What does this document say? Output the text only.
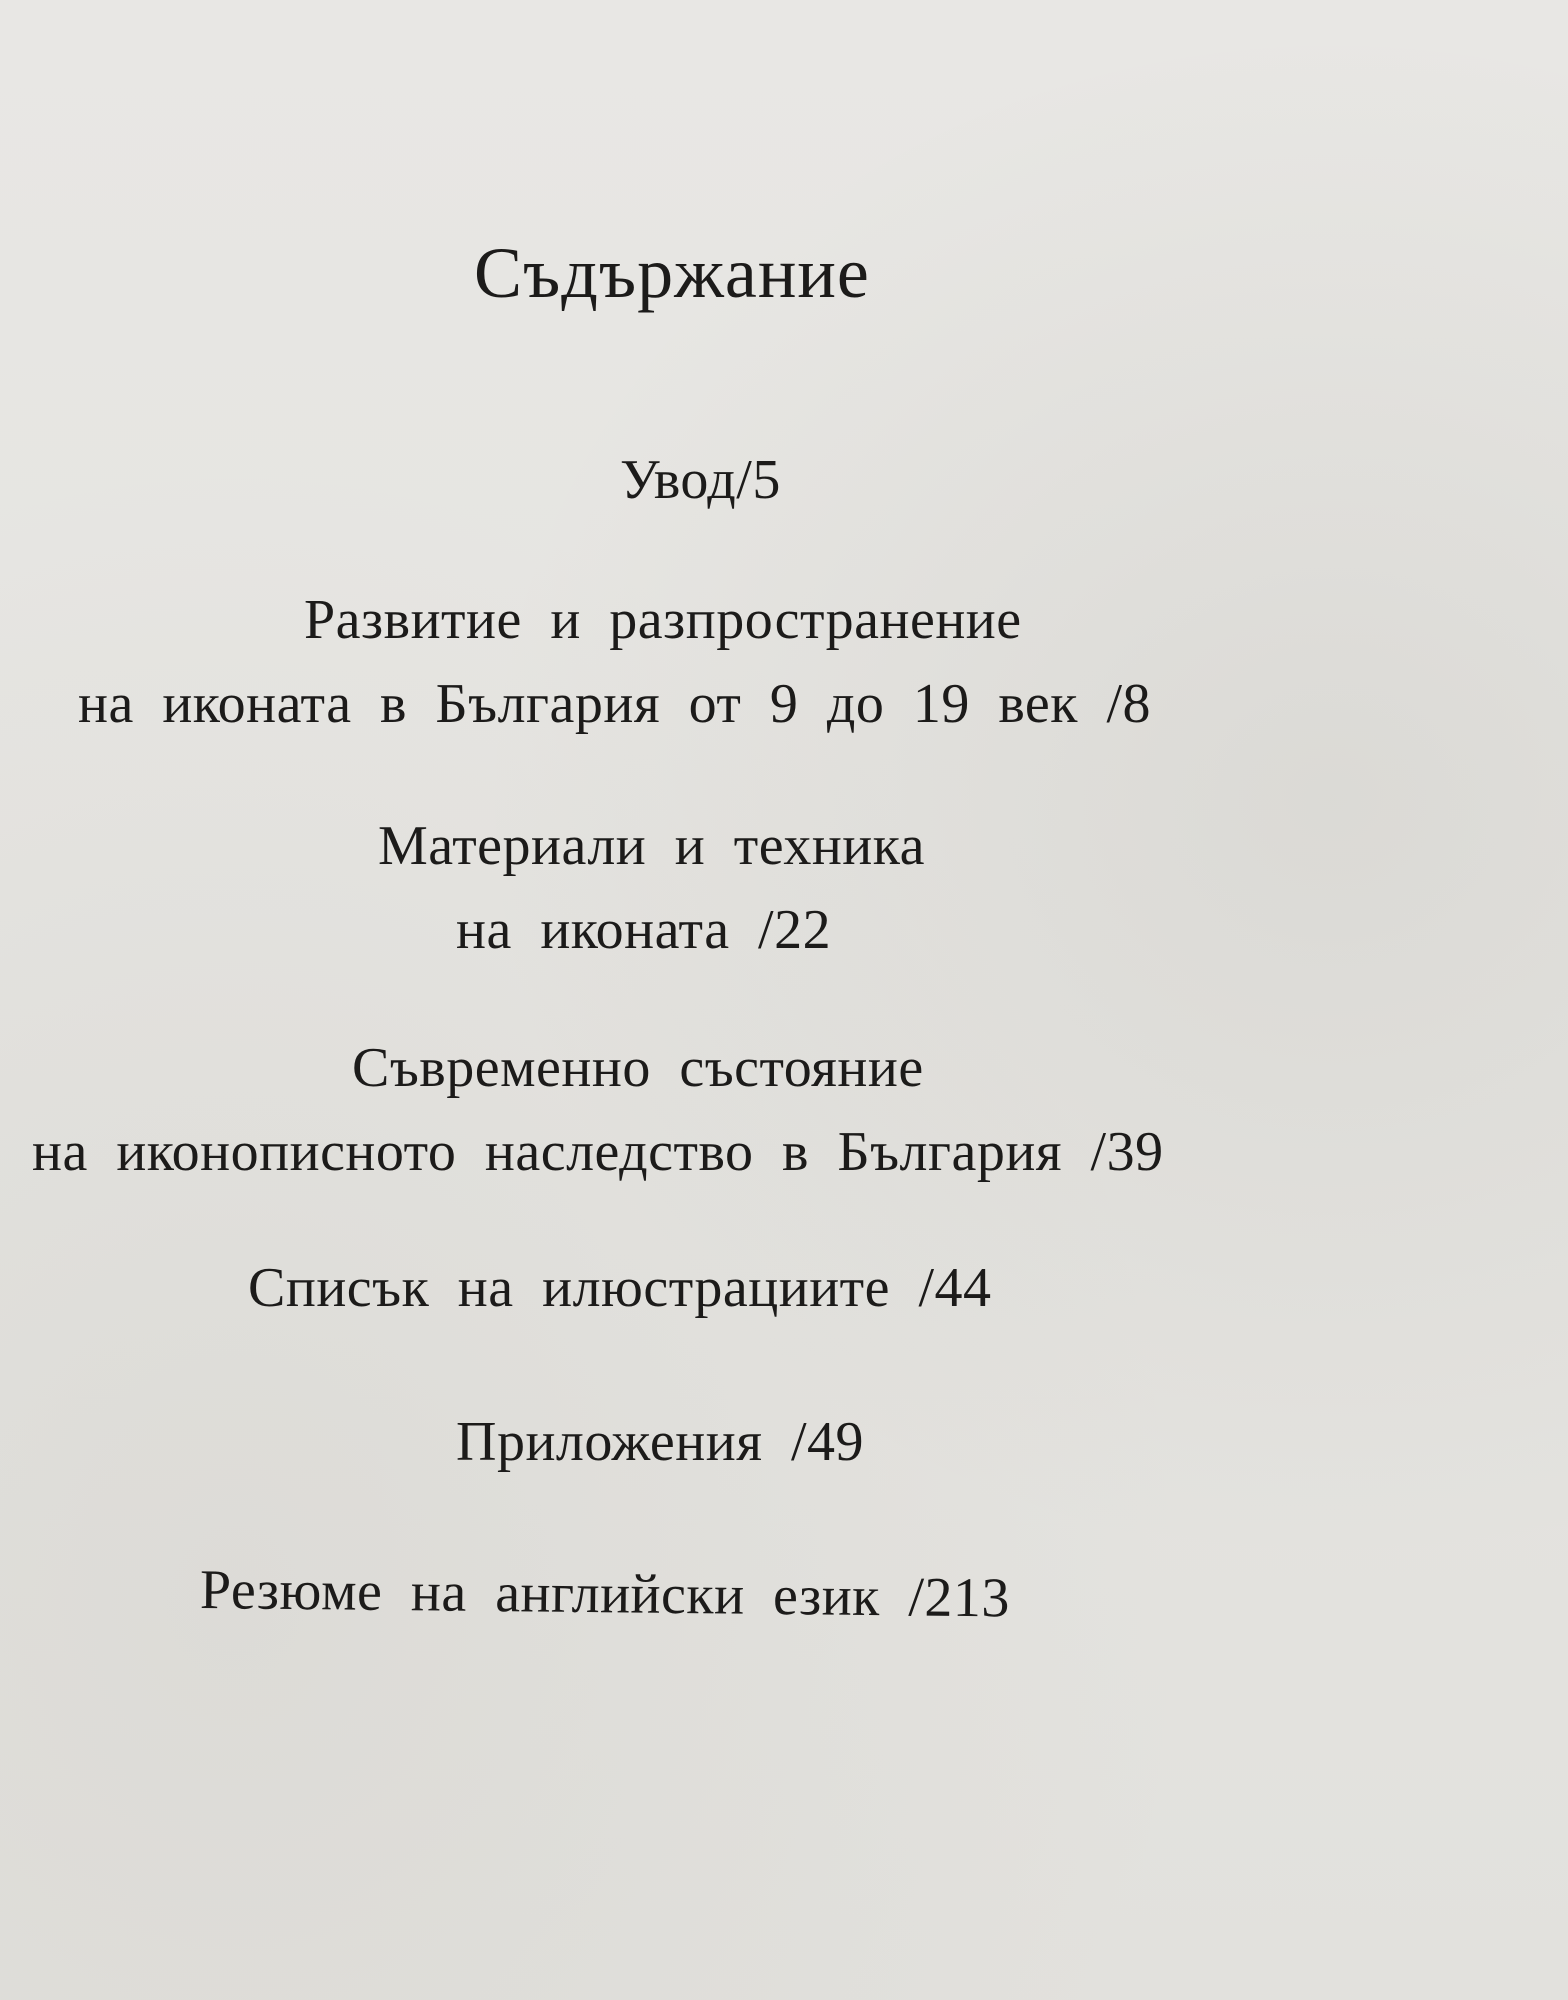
Съдържание
Увод/5
Развитие и разпространение
на иконата в България от 9 до 19 век /8
Материали и техника
на иконата /22
Съвременно състояние
на иконописното наследство в България /39
Списък на илюстрациите /44
Приложения /49
Резюме на английски език /213
